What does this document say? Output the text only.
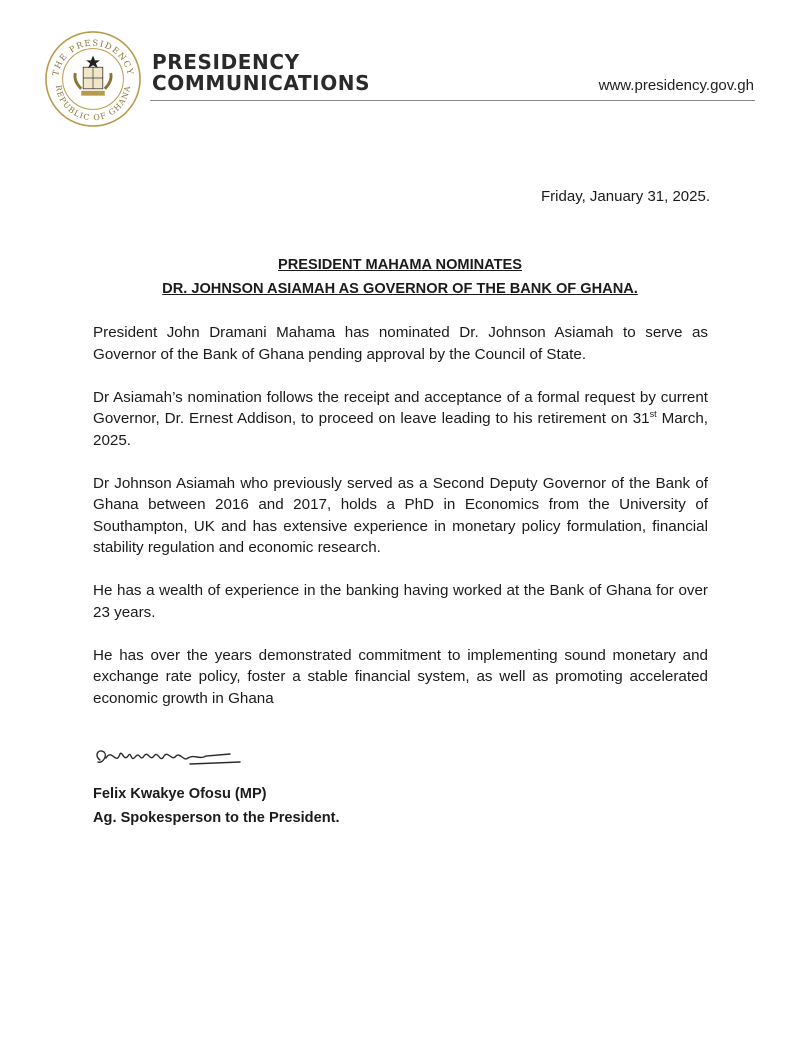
THE PRESIDENCY
REPUBLIC OF GHANA
PRESIDENCY
COMMUNICATIONS	www.presidency.gov.gh
Friday, January 31, 2025.
PRESIDENT MAHAMA NOMINATES
DR. JOHNSON ASIAMAH AS GOVERNOR OF THE BANK OF GHANA.

President John Dramani Mahama has nominated Dr. Johnson Asiamah to serve as Governor of the Bank of Ghana pending approval by the Council of State.

Dr Asiamah’s nomination follows the receipt and acceptance of a formal request by current Governor, Dr. Ernest Addison, to proceed on leave leading to his retirement on 31st March, 2025.

Dr Johnson Asiamah who previously served as a Second Deputy Governor of the Bank of Ghana between 2016 and 2017, holds a PhD in Economics from the University of Southampton, UK and has extensive experience in monetary policy formulation, financial stability regulation and economic research.

He has a wealth of experience in the banking having worked at the Bank of Ghana for over 23 years.

He has over the years demonstrated commitment to implementing sound monetary and exchange rate policy, foster a stable financial system, as well as promoting accelerated economic growth in Ghana

Felix Kwakye Ofosu (MP)
Ag. Spokesperson to the President.
